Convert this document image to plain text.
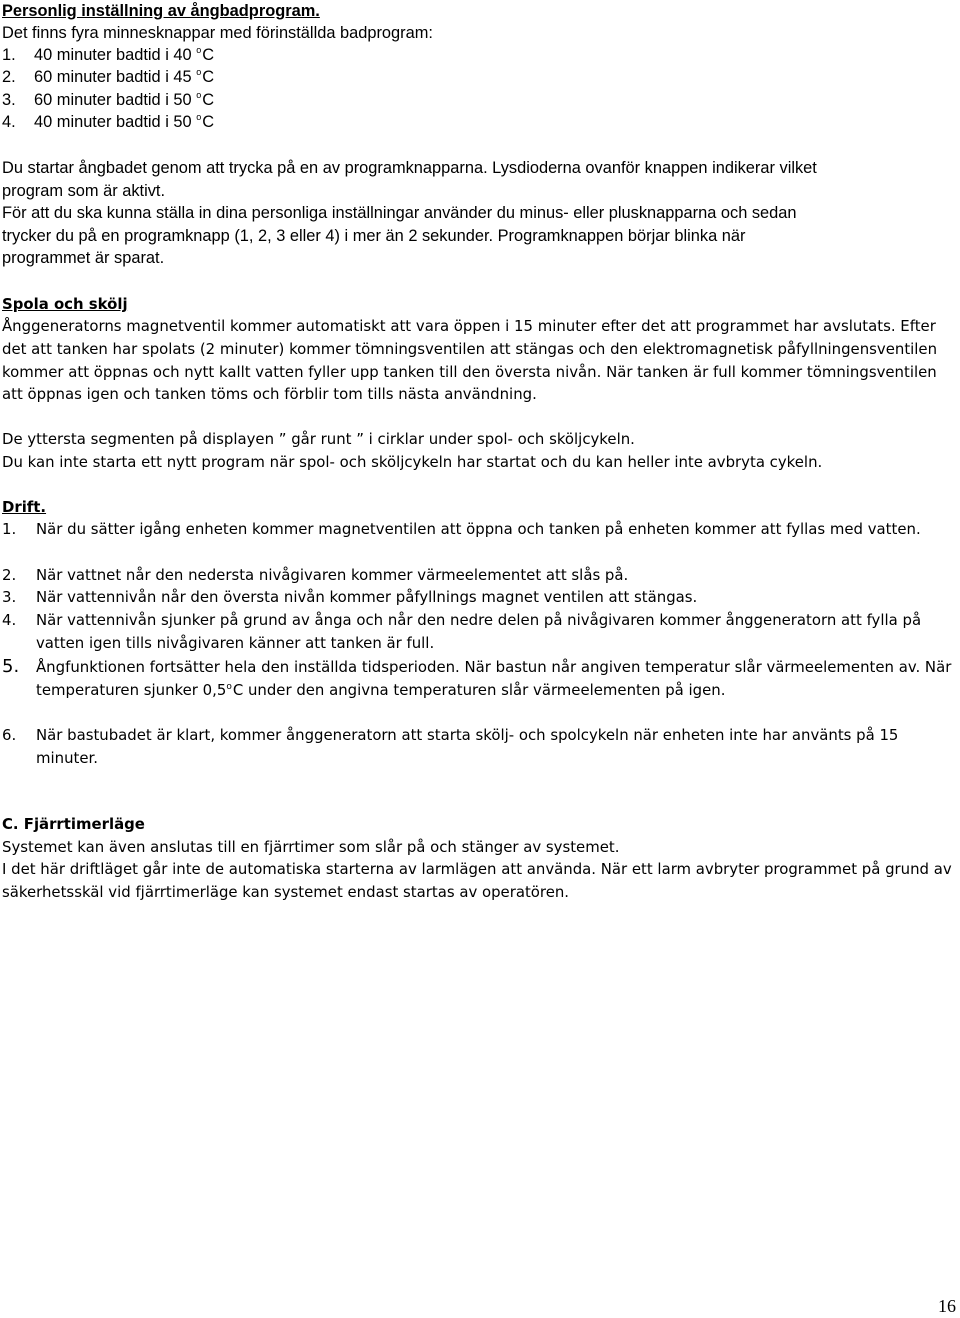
Personlig inställning av ångbadprogram.
Det finns fyra minnesknappar med förinställda badprogram:
1. 40 minuter badtid i 40 $^o$C
2. 60 minuter badtid i 45 $^o$C
3. 60 minuter badtid i 50 $^o$C
4. 40 minuter badtid i 50 $^o$C
Du startar ångbadet genom att trycka på en av programknapparna. Lysdioderna ovanför knappen indikerar vilket
program som är aktivt.
För att du ska kunna ställa in dina personliga inställningar använder du minus- eller plusknapparna och sedan
trycker du på en programknapp (1, 2, 3 eller 4) i mer än 2 sekunder. Programknappen börjar blinka när
programmet är sparat.
Spola och skölj
Ånggeneratorns magnetventil kommer automatiskt att vara öppen i 15 minuter efter det att programmet har avslutats. Efter det att tanken har spolats (2 minuter) kommer tömningsventilen att stängas och den elektromagnetisk påfyllningensventilen kommer att öppnas och nytt kallt vatten fyller upp tanken till den översta nivån. När tanken är full kommer tömningsventilen att öppnas igen och tanken töms och förblir tom tills nästa användning.
De yttersta segmenten på displayen ” går runt ” i cirklar under spol- och sköljcykeln.
Du kan inte starta ett nytt program när spol- och sköljcykeln har startat och du kan heller inte avbryta cykeln.
Drift.
1. När du sätter igång enheten kommer magnetventilen att öppna och tanken på enheten kommer att fyllas med vatten.
2. När vattnet når den nedersta nivågivaren kommer värmeelementet att slås på.
3. När vattennivån når den översta nivån kommer påfyllnings magnet ventilen att stängas.
4. När vattennivån sjunker på grund av ånga och når den nedre delen på nivågivaren kommer ånggeneratorn att fylla på vatten igen tills nivågivaren känner att tanken är full.
5. Ångfunktionen fortsätter hela den inställda tidsperioden. När bastun når angiven temperatur slår värmeelementen av. När temperaturen sjunker 0,5$^o$C under den angivna temperaturen slår värmeelementen på igen.
6. När bastubadet är klart, kommer ånggeneratorn att starta skölj- och spolcykeln när enheten inte har använts på 15 minuter.
C. Fjärrtimerläge
Systemet kan även anslutas till en fjärrtimer som slår på och stänger av systemet.
I det här driftläget går inte de automatiska starterna av larmlägen att använda. När ett larm avbryter programmet på grund av säkerhetsskäl vid fjärrtimerläge kan systemet endast startas av operatören.
16
